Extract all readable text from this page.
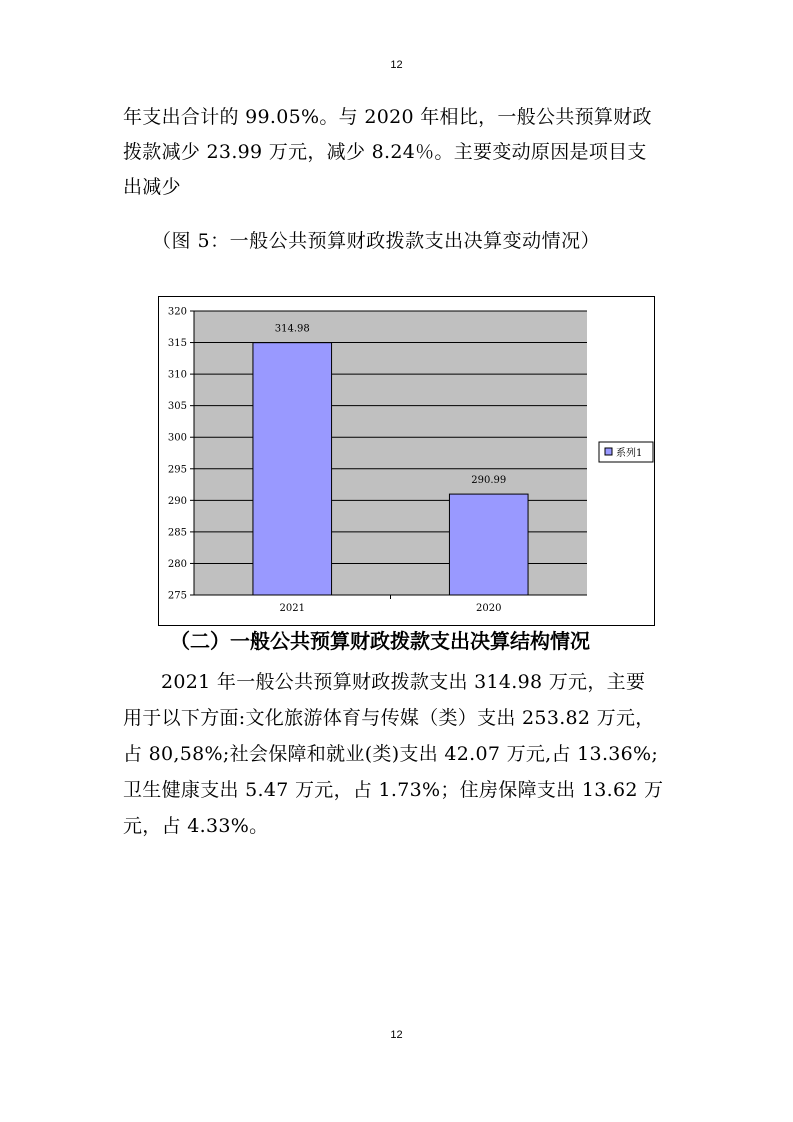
12

年支出合计的 99.05%。与 2020 年相比，一般公共预算财政

拨款减少 23.99 万元，减少 8.24％。主要变动原因是项目支

出减少

（图 5：一般公共预算财政拨款支出决算变动情况）
320
315
310
305
300
295
290
285
280
275
314.98
290.99
2021	2020
系列1
（二）一般公共预算财政拨款支出决算结构情况

2021 年一般公共预算财政拨款支出 314.98 万元，主要

用于以下方面:文化旅游体育与传媒（类）支出 253.82 万元，

占 80,58%;社会保障和就业(类)支出 42.07 万元,占 13.36%;

卫生健康支出 5.47 万元，占 1.73%；住房保障支出 13.62 万

元，占 4.33%。

12
